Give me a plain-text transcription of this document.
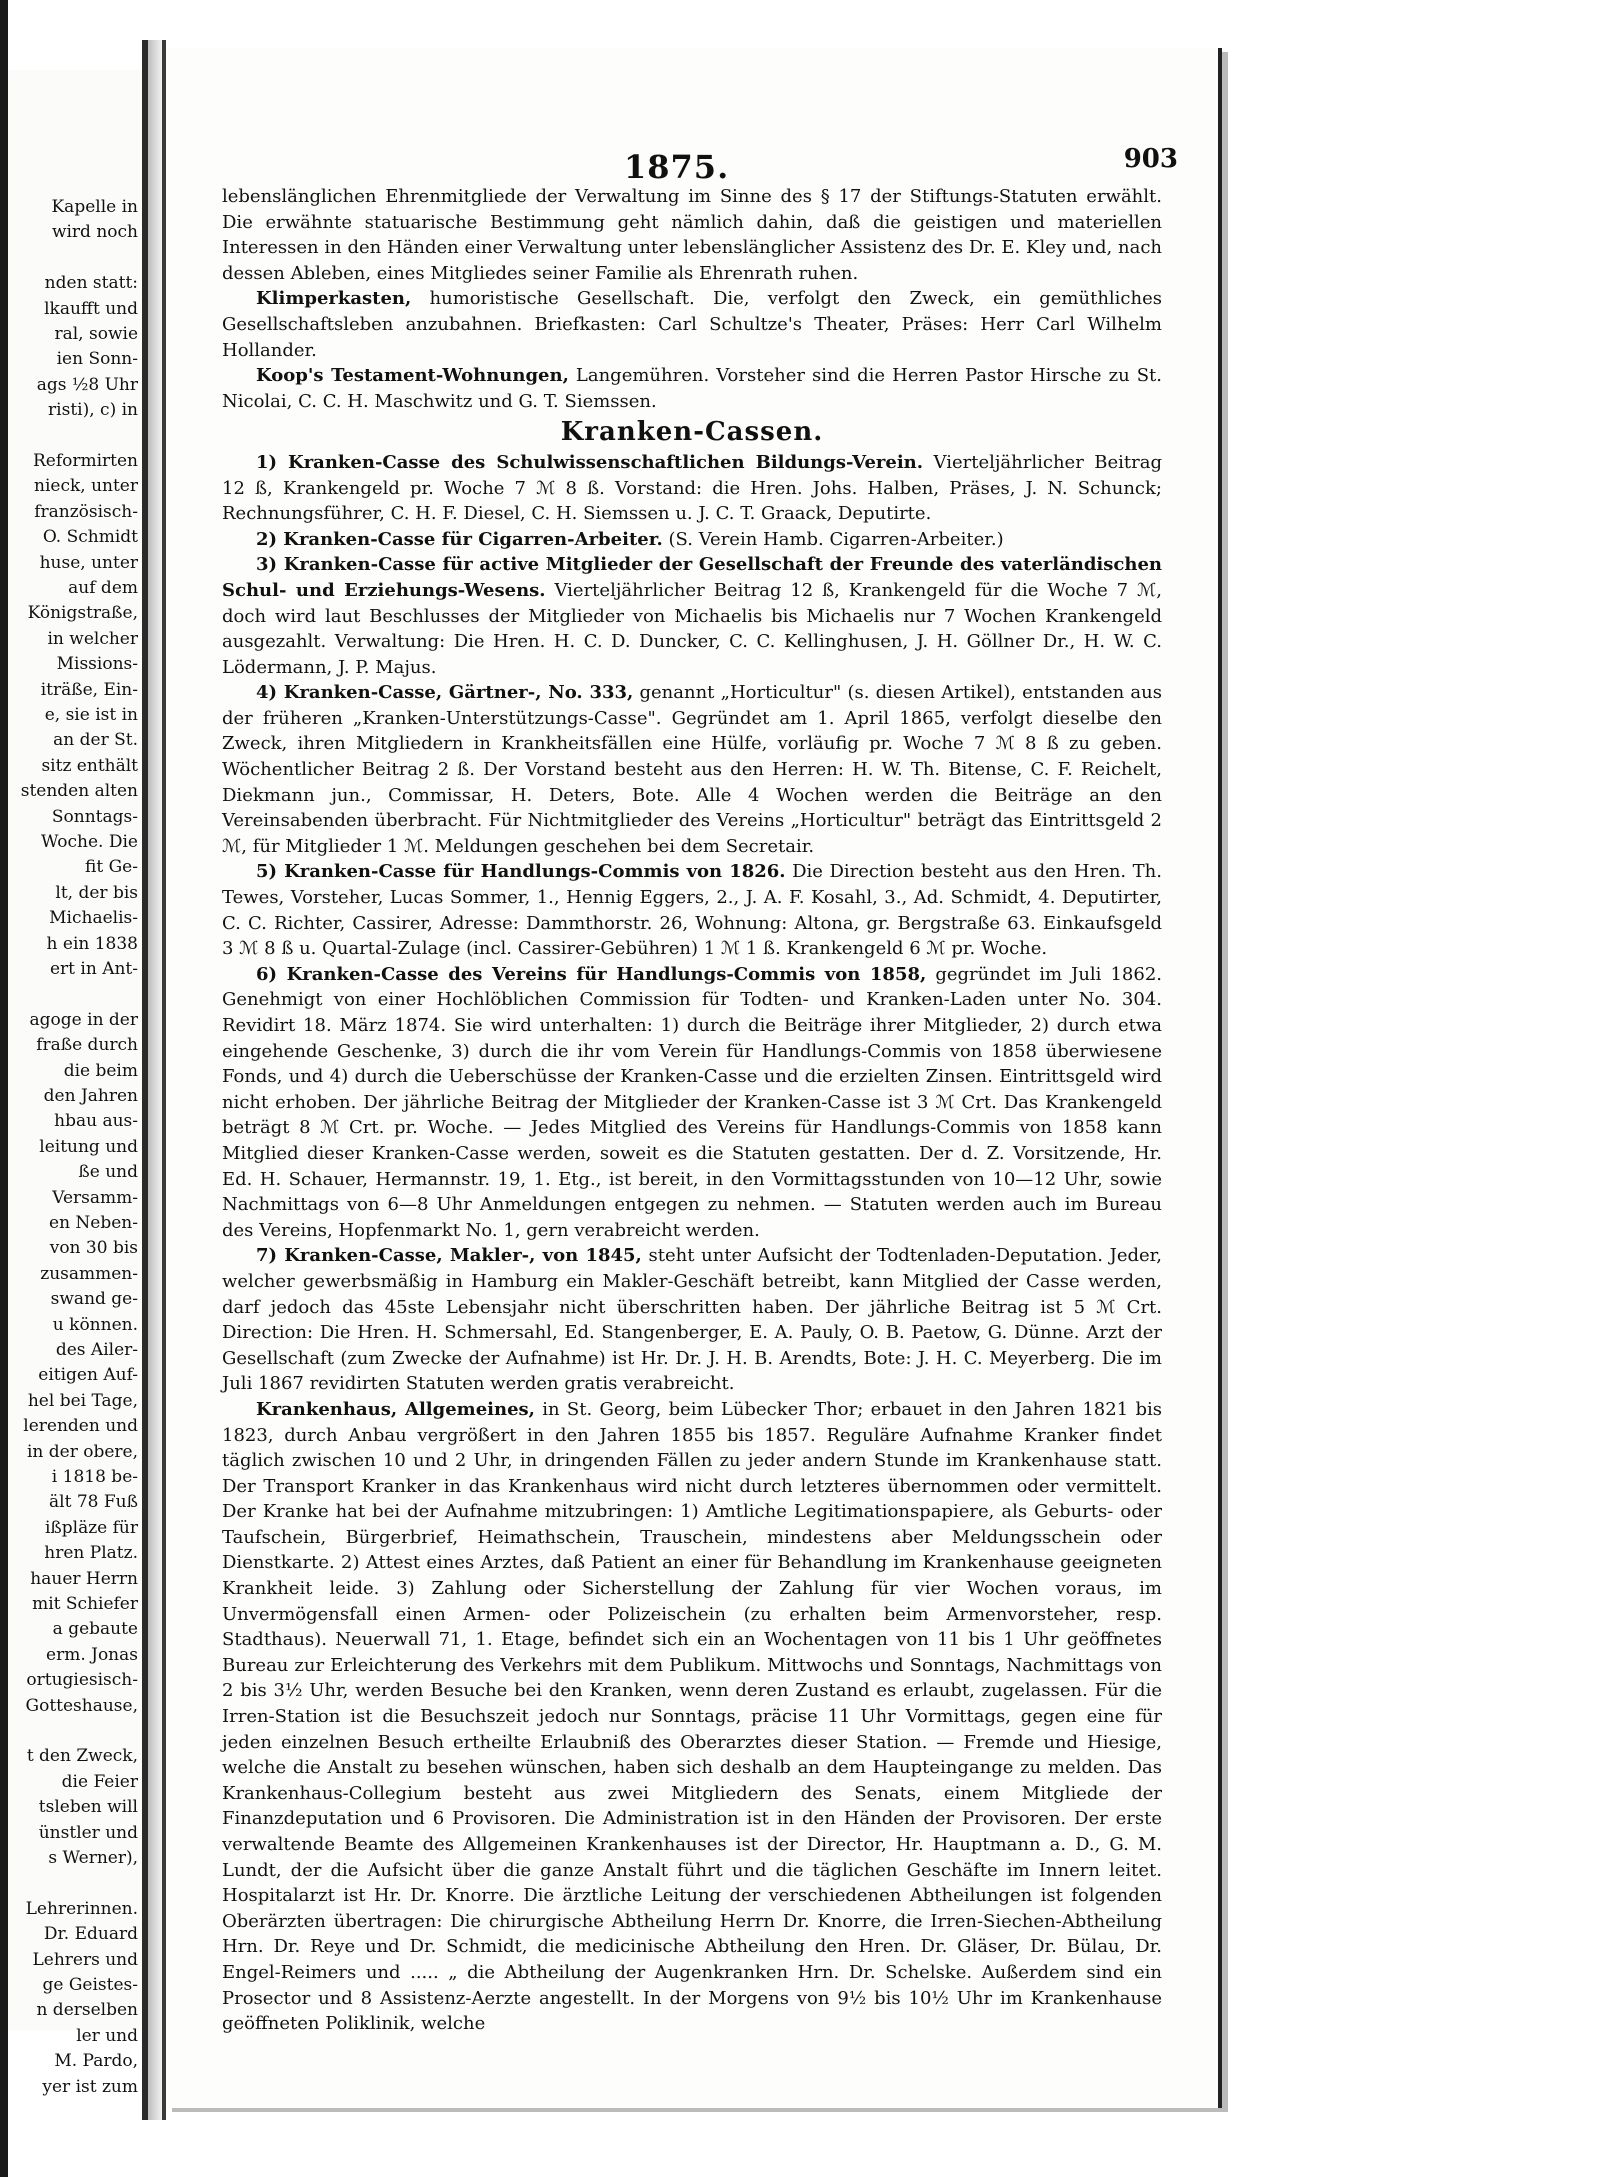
Kapelle in
wird noch
nden statt:
lkaufft und
ral, sowie
ien Sonn-
ags ½8 Uhr
risti), c) in
Reformirten
nieck, unter
französisch-
O. Schmidt
huse, unter
auf dem
Königstraße,
in welcher
Missions-
iträße, Ein-
e, sie ist in
an der St.
sitz enthält
stenden alten
Sonntags-
Woche. Die
fit Ge-
lt, der bis
Michaelis-
h ein 1838
ert in Ant-
agoge in der
fraße durch
die beim
den Jahren
hbau aus-
leitung und
ße und
Versamm-
en Neben-
von 30 bis
zusammen-
swand ge-
u können.
des Ailer-
eitigen Auf-
hel bei Tage,
lerenden und
in der obere,
i 1818 be-
ält 78 Fuß
ißpläze für
hren Platz.
hauer Herrn
mit Schiefer
a gebaute
erm. Jonas
ortugiesisch-
Gotteshause,
t den Zweck,
die Feier
tsleben will
ünstler und
s Werner),
Lehrerinnen.
Dr. Eduard
Lehrers und
ge Geistes-
n derselben
ler und
M. Pardo,
yer ist zum
1875.	903

lebenslänglichen Ehrenmitgliede der Verwaltung im Sinne des § 17 der Stiftungs-Statuten erwählt. Die erwähnte statuarische Bestimmung geht nämlich dahin, daß die geistigen und materiellen Interessen in den Händen einer Verwaltung unter lebenslänglicher Assistenz des Dr. E. Kley und, nach dessen Ableben, eines Mitgliedes seiner Familie als Ehrenrath ruhen.

Klimperkasten, humoristische Gesellschaft. Die, verfolgt den Zweck, ein gemüthliches Gesellschaftsleben anzubahnen. Briefkasten: Carl Schultze's Theater, Präses: Herr Carl Wilhelm Hollander.

Koop's Testament-Wohnungen, Langemühren. Vorsteher sind die Herren Pastor Hirsche zu St. Nicolai, C. C. H. Maschwitz und G. T. Siemssen.

Kranken-Cassen.

1) Kranken-Casse des Schulwissenschaftlichen Bildungs-Verein. Vierteljährlicher Beitrag 12 ß, Krankengeld pr. Woche 7 ℳ 8 ß. Vorstand: die Hren. Johs. Halben, Präses, J. N. Schunck; Rechnungsführer, C. H. F. Diesel, C. H. Siemssen u. J. C. T. Graack, Deputirte.

2) Kranken-Casse für Cigarren-Arbeiter. (S. Verein Hamb. Cigarren-Arbeiter.)

3) Kranken-Casse für active Mitglieder der Gesellschaft der Freunde des vaterländischen Schul- und Erziehungs-Wesens. Vierteljährlicher Beitrag 12 ß, Krankengeld für die Woche 7 ℳ, doch wird laut Beschlusses der Mitglieder von Michaelis bis Michaelis nur 7 Wochen Krankengeld ausgezahlt. Verwaltung: Die Hren. H. C. D. Duncker, C. C. Kellinghusen, J. H. Göllner Dr., H. W. C. Lödermann, J. P. Majus.

4) Kranken-Casse, Gärtner-, No. 333, genannt „Horticultur" (s. diesen Artikel), entstanden aus der früheren „Kranken-Unterstützungs-Casse". Gegründet am 1. April 1865, verfolgt dieselbe den Zweck, ihren Mitgliedern in Krankheitsfällen eine Hülfe, vorläufig pr. Woche 7 ℳ 8 ß zu geben. Wöchentlicher Beitrag 2 ß. Der Vorstand besteht aus den Herren: H. W. Th. Bitense, C. F. Reichelt, Diekmann jun., Commissar, H. Deters, Bote. Alle 4 Wochen werden die Beiträge an den Vereinsabenden überbracht. Für Nichtmitglieder des Vereins „Horticultur" beträgt das Eintrittsgeld 2 ℳ, für Mitglieder 1 ℳ. Meldungen geschehen bei dem Secretair.

5) Kranken-Casse für Handlungs-Commis von 1826. Die Direction besteht aus den Hren. Th. Tewes, Vorsteher, Lucas Sommer, 1., Hennig Eggers, 2., J. A. F. Kosahl, 3., Ad. Schmidt, 4. Deputirter, C. C. Richter, Cassirer, Adresse: Dammthorstr. 26, Wohnung: Altona, gr. Bergstraße 63. Einkaufsgeld 3 ℳ 8 ß u. Quartal-Zulage (incl. Cassirer-Gebühren) 1 ℳ 1 ß. Krankengeld 6 ℳ pr. Woche.

6) Kranken-Casse des Vereins für Handlungs-Commis von 1858, gegründet im Juli 1862. Genehmigt von einer Hochlöblichen Commission für Todten- und Kranken-Laden unter No. 304. Revidirt 18. März 1874. Sie wird unterhalten: 1) durch die Beiträge ihrer Mitglieder, 2) durch etwa eingehende Geschenke, 3) durch die ihr vom Verein für Handlungs-Commis von 1858 überwiesene Fonds, und 4) durch die Ueberschüsse der Kranken-Casse und die erzielten Zinsen. Eintrittsgeld wird nicht erhoben. Der jährliche Beitrag der Mitglieder der Kranken-Casse ist 3 ℳ Crt. Das Krankengeld beträgt 8 ℳ Crt. pr. Woche. — Jedes Mitglied des Vereins für Handlungs-Commis von 1858 kann Mitglied dieser Kranken-Casse werden, soweit es die Statuten gestatten. Der d. Z. Vorsitzende, Hr. Ed. H. Schauer, Hermannstr. 19, 1. Etg., ist bereit, in den Vormittagsstunden von 10—12 Uhr, sowie Nachmittags von 6—8 Uhr Anmeldungen entgegen zu nehmen. — Statuten werden auch im Bureau des Vereins, Hopfenmarkt No. 1, gern verabreicht werden.

7) Kranken-Casse, Makler-, von 1845, steht unter Aufsicht der Todtenladen-Deputation. Jeder, welcher gewerbsmäßig in Hamburg ein Makler-Geschäft betreibt, kann Mitglied der Casse werden, darf jedoch das 45ste Lebensjahr nicht überschritten haben. Der jährliche Beitrag ist 5 ℳ Crt. Direction: Die Hren. H. Schmersahl, Ed. Stangenberger, E. A. Pauly, O. B. Paetow, G. Dünne. Arzt der Gesellschaft (zum Zwecke der Aufnahme) ist Hr. Dr. J. H. B. Arendts, Bote: J. H. C. Meyerberg. Die im Juli 1867 revidirten Statuten werden gratis verabreicht.

Krankenhaus, Allgemeines, in St. Georg, beim Lübecker Thor; erbauet in den Jahren 1821 bis 1823, durch Anbau vergrößert in den Jahren 1855 bis 1857. Reguläre Aufnahme Kranker findet täglich zwischen 10 und 2 Uhr, in dringenden Fällen zu jeder andern Stunde im Krankenhause statt. Der Transport Kranker in das Krankenhaus wird nicht durch letzteres übernommen oder vermittelt. Der Kranke hat bei der Aufnahme mitzubringen: 1) Amtliche Legitimationspapiere, als Geburts- oder Taufschein, Bürgerbrief, Heimathschein, Trauschein, mindestens aber Meldungsschein oder Dienstkarte. 2) Attest eines Arztes, daß Patient an einer für Behandlung im Krankenhause geeigneten Krankheit leide. 3) Zahlung oder Sicherstellung der Zahlung für vier Wochen voraus, im Unvermögensfall einen Armen- oder Polizeischein (zu erhalten beim Armenvorsteher, resp. Stadthaus). Neuerwall 71, 1. Etage, befindet sich ein an Wochentagen von 11 bis 1 Uhr geöffnetes Bureau zur Erleichterung des Verkehrs mit dem Publikum. Mittwochs und Sonntags, Nachmittags von 2 bis 3½ Uhr, werden Besuche bei den Kranken, wenn deren Zustand es erlaubt, zugelassen. Für die Irren-Station ist die Besuchszeit jedoch nur Sonntags, präcise 11 Uhr Vormittags, gegen eine für jeden einzelnen Besuch ertheilte Erlaubniß des Oberarztes dieser Station. — Fremde und Hiesige, welche die Anstalt zu besehen wünschen, haben sich deshalb an dem Haupteingange zu melden. Das Krankenhaus-Collegium besteht aus zwei Mitgliedern des Senats, einem Mitgliede der Finanzdeputation und 6 Provisoren. Die Administration ist in den Händen der Provisoren. Der erste verwaltende Beamte des Allgemeinen Krankenhauses ist der Director, Hr. Hauptmann a. D., G. M. Lundt, der die Aufsicht über die ganze Anstalt führt und die täglichen Geschäfte im Innern leitet. Hospitalarzt ist Hr. Dr. Knorre. Die ärztliche Leitung der verschiedenen Abtheilungen ist folgenden Oberärzten übertragen: Die chirurgische Abtheilung Herrn Dr. Knorre, die Irren-Siechen-Abtheilung Hrn. Dr. Reye und Dr. Schmidt, die medicinische Abtheilung den Hren. Dr. Gläser, Dr. Bülau, Dr. Engel-Reimers und ..... „ die Abtheilung der Augenkranken Hrn. Dr. Schelske. Außerdem sind ein Prosector und 8 Assistenz-Aerzte angestellt. In der Morgens von 9½ bis 10½ Uhr im Krankenhause geöffneten Poliklinik, welche
